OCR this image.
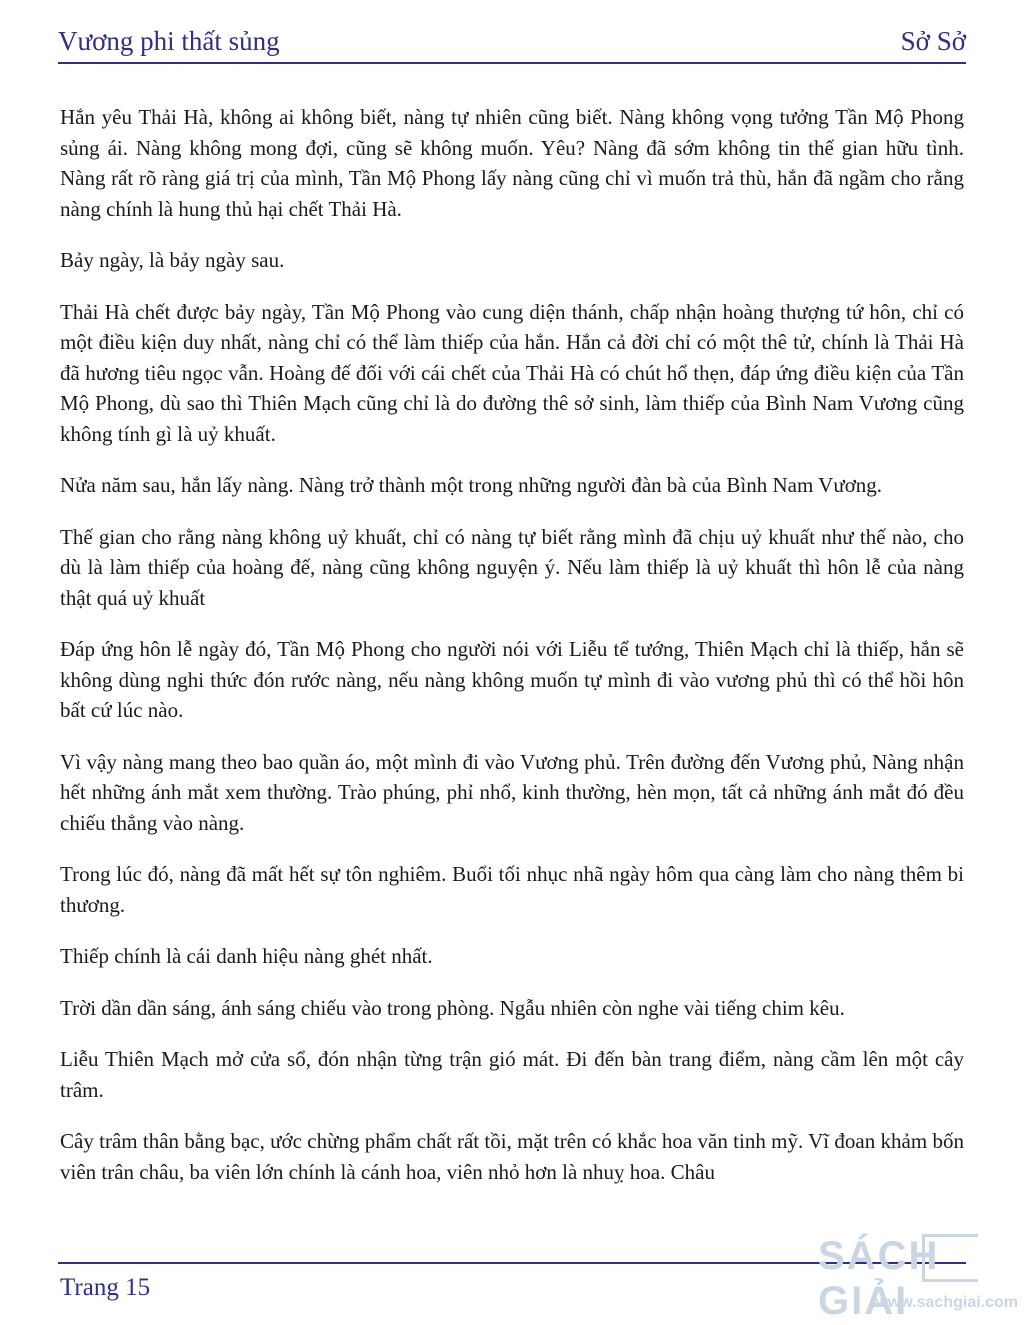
Vương phi thất sủng	Sở Sở

Hắn yêu Thải Hà, không ai không biết, nàng tự nhiên cũng biết. Nàng không vọng tưởng Tần Mộ Phong sủng ái. Nàng không mong đợi, cũng sẽ không muốn. Yêu? Nàng đã sớm không tin thế gian hữu tình. Nàng rất rõ ràng giá trị của mình, Tần Mộ Phong lấy nàng cũng chỉ vì muốn trả thù, hắn đã ngầm cho rằng nàng chính là hung thủ hại chết Thải Hà.

Bảy ngày, là bảy ngày sau.

Thải Hà chết được bảy ngày, Tần Mộ Phong vào cung diện thánh, chấp nhận hoàng thượng tứ hôn, chỉ có một điều kiện duy nhất, nàng chỉ có thể làm thiếp của hắn. Hắn cả đời chỉ có một thê tử, chính là Thải Hà đã hương tiêu ngọc vẫn. Hoàng đế đối với cái chết của Thải Hà có chút hổ thẹn, đáp ứng điều kiện của Tần Mộ Phong, dù sao thì Thiên Mạch cũng chỉ là do đường thê sở sinh, làm thiếp của Bình Nam Vương cũng không tính gì là uỷ khuất.

Nửa năm sau, hắn lấy nàng. Nàng trở thành một trong những người đàn bà của Bình Nam Vương.

Thế gian cho rằng nàng không uỷ khuất, chỉ có nàng tự biết rằng mình đã chịu uỷ khuất như thế nào, cho dù là làm thiếp của hoàng đế, nàng cũng không nguyện ý. Nếu làm thiếp là uỷ khuất thì hôn lễ của nàng thật quá uỷ khuất

Đáp ứng hôn lễ ngày đó, Tần Mộ Phong cho người nói với Liễu tể tướng, Thiên Mạch chỉ là thiếp, hắn sẽ không dùng nghi thức đón rước nàng, nếu nàng không muốn tự mình đi vào vương phủ thì có thể hồi hôn bất cứ lúc nào.

Vì vậy nàng mang theo bao quần áo, một mình đi vào Vương phủ. Trên đường đến Vương phủ, Nàng nhận hết những ánh mắt xem thường. Trào phúng, phỉ nhổ, kinh thường, hèn mọn, tất cả những ánh mắt đó đều chiếu thẳng vào nàng.

Trong lúc đó, nàng đã mất hết sự tôn nghiêm. Buổi tối nhục nhã ngày hôm qua càng làm cho nàng thêm bi thương.

Thiếp chính là cái danh hiệu nàng ghét nhất.

Trời dần dần sáng, ánh sáng chiếu vào trong phòng. Ngẫu nhiên còn nghe vài tiếng chim kêu.

Liễu Thiên Mạch mở cửa sổ, đón nhận từng trận gió mát. Đi đến bàn trang điểm, nàng cầm lên một cây trâm.

Cây trâm thân bằng bạc, ước chừng phẩm chất rất tồi, mặt trên có khắc hoa văn tinh mỹ. Vĩ đoan khảm bốn viên trân châu, ba viên lớn chính là cánh hoa, viên nhỏ hơn là nhuỵ hoa. Châu

Trang 15
SÁCH GIẢI
www.sachgiai.com
